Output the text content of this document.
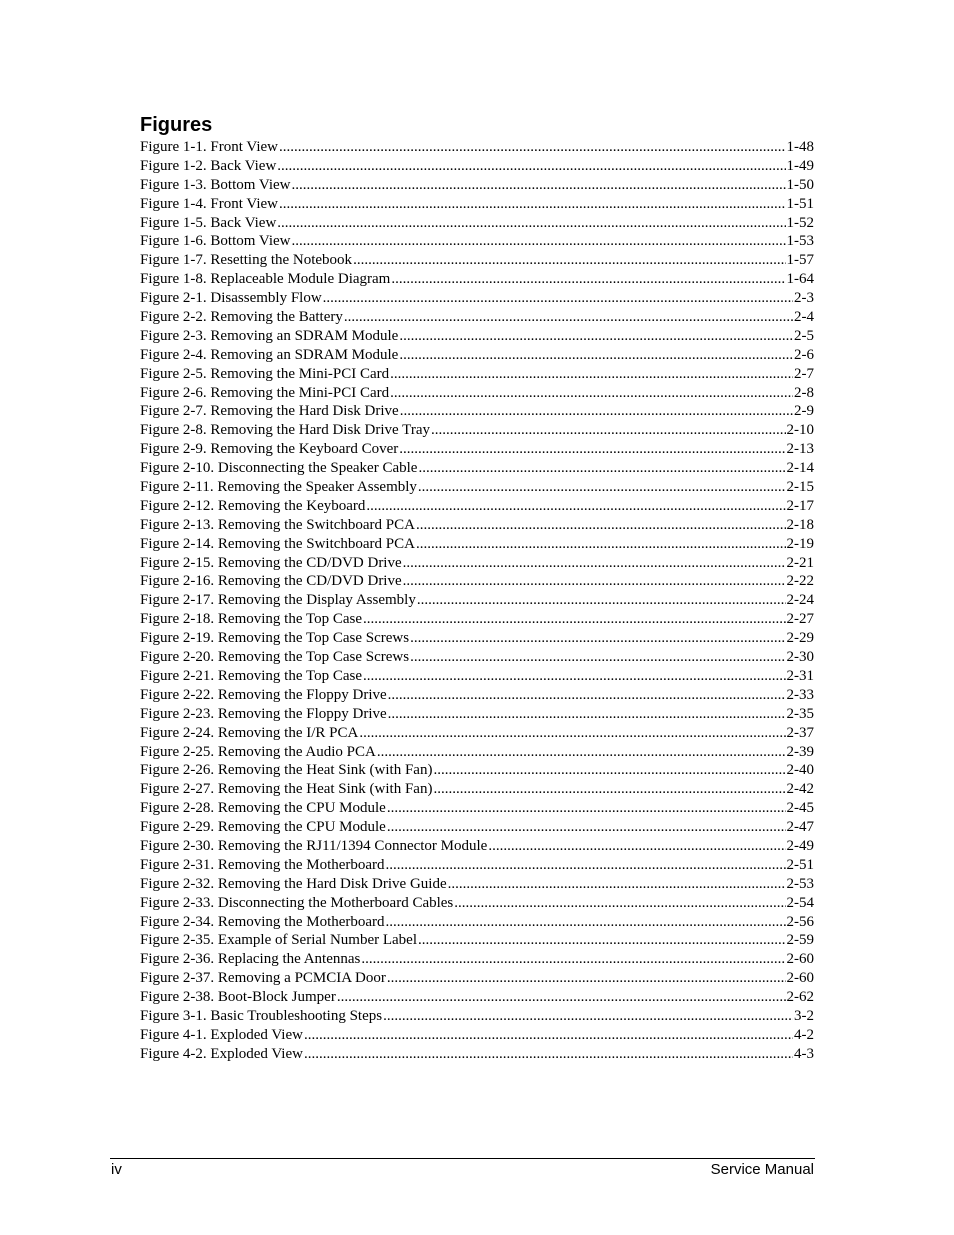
Figures
Figure 1-1. Front View .....	1-48
Figure 1-2. Back View .....	1-49
Figure 1-3. Bottom View .....	1-50
Figure 1-4. Front View .....	1-51
Figure 1-5. Back View .....	1-52
Figure 1-6. Bottom View .....	1-53
Figure 1-7. Resetting the Notebook .....	1-57
Figure 1-8. Replaceable Module Diagram .....	1-64
Figure 2-1. Disassembly Flow .....	2-3
Figure 2-2. Removing the Battery .....	2-4
Figure 2-3. Removing an SDRAM Module .....	2-5
Figure 2-4. Removing an SDRAM Module .....	2-6
Figure 2-5. Removing the Mini-PCI Card .....	2-7
Figure 2-6. Removing the Mini-PCI Card .....	2-8
Figure 2-7. Removing the Hard Disk Drive .....	2-9
Figure 2-8. Removing the Hard Disk Drive Tray .....	2-10
Figure 2-9. Removing the Keyboard Cover .....	2-13
Figure 2-10. Disconnecting the Speaker Cable .....	2-14
Figure 2-11. Removing the Speaker Assembly .....	2-15
Figure 2-12. Removing the Keyboard .....	2-17
Figure 2-13. Removing the Switchboard PCA .....	2-18
Figure 2-14. Removing the Switchboard PCA .....	2-19
Figure 2-15. Removing the CD/DVD Drive .....	2-21
Figure 2-16. Removing the CD/DVD Drive .....	2-22
Figure 2-17. Removing the Display Assembly .....	2-24
Figure 2-18. Removing the Top Case .....	2-27
Figure 2-19. Removing the Top Case Screws .....	2-29
Figure 2-20. Removing the Top Case Screws .....	2-30
Figure 2-21. Removing the Top Case .....	2-31
Figure 2-22. Removing the Floppy Drive .....	2-33
Figure 2-23. Removing the Floppy Drive .....	2-35
Figure 2-24. Removing the I/R PCA .....	2-37
Figure 2-25. Removing the Audio PCA .....	2-39
Figure 2-26. Removing the Heat Sink (with Fan) .....	2-40
Figure 2-27. Removing the Heat Sink (with Fan) .....	2-42
Figure 2-28. Removing the CPU Module .....	2-45
Figure 2-29. Removing the CPU Module .....	2-47
Figure 2-30. Removing the RJ11/1394 Connector Module .....	2-49
Figure 2-31. Removing the Motherboard .....	2-51
Figure 2-32. Removing the Hard Disk Drive Guide .....	2-53
Figure 2-33. Disconnecting the Motherboard Cables .....	2-54
Figure 2-34. Removing the Motherboard .....	2-56
Figure 2-35. Example of Serial Number Label .....	2-59
Figure 2-36. Replacing the Antennas .....	2-60
Figure 2-37. Removing a PCMCIA Door .....	2-60
Figure 2-38. Boot-Block Jumper .....	2-62
Figure 3-1. Basic Troubleshooting Steps .....	3-2
Figure 4-1. Exploded View .....	4-2
Figure 4-2. Exploded View .....	4-3
iv	Service Manual
